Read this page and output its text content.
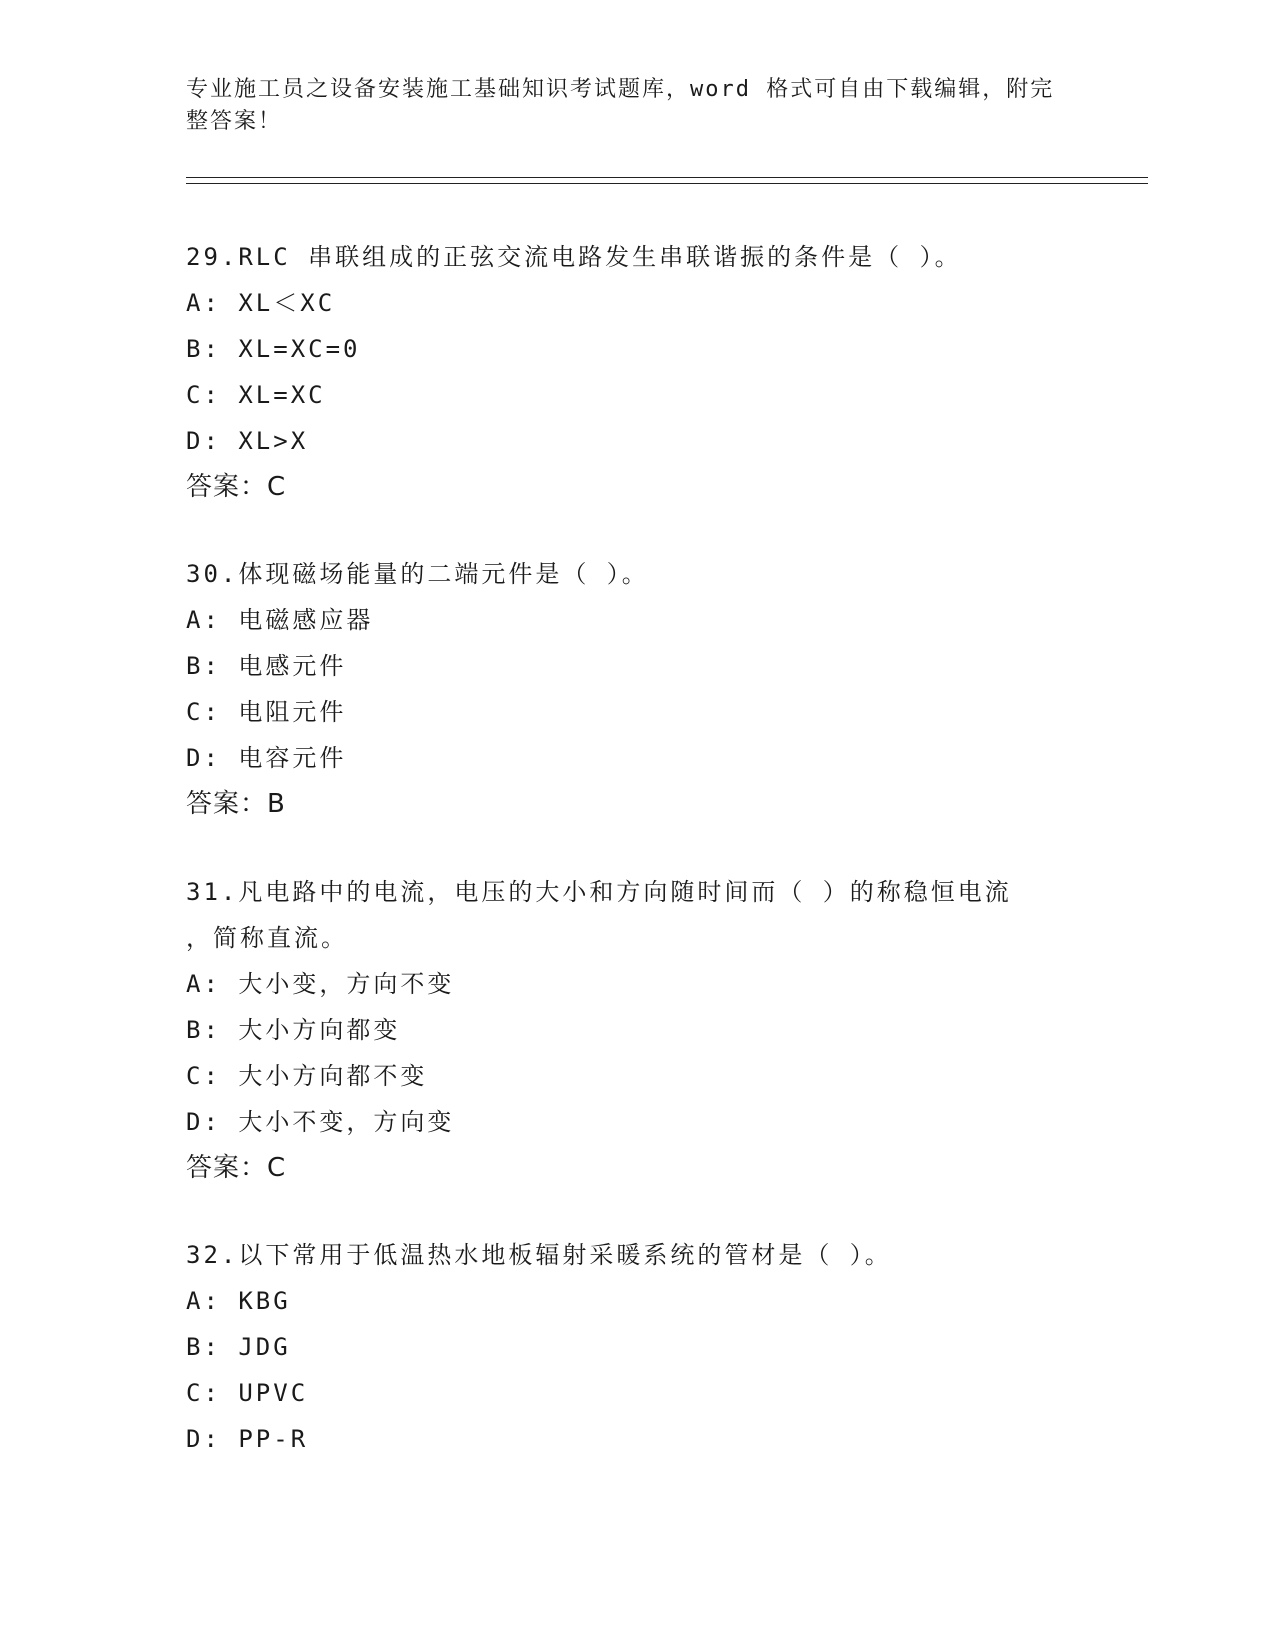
专业施工员之设备安装施工基础知识考试题库，word 格式可自由下载编辑，附完
整答案！
29.RLC 串联组成的正弦交流电路发生串联谐振的条件是（ ）。
A: XL＜XC
B: XL=XC=0
C: XL=XC
D: XL>X
答案：C
30.体现磁场能量的二端元件是（ ）。
A: 电磁感应器
B: 电感元件
C: 电阻元件
D: 电容元件
答案：B
31.凡电路中的电流，电压的大小和方向随时间而（ ）的称稳恒电流
，简称直流。
A: 大小变，方向不变
B: 大小方向都变
C: 大小方向都不变
D: 大小不变，方向变
答案：C
32.以下常用于低温热水地板辐射采暖系统的管材是（ ）。
A: KBG
B: JDG
C: UPVC
D: PP-R
